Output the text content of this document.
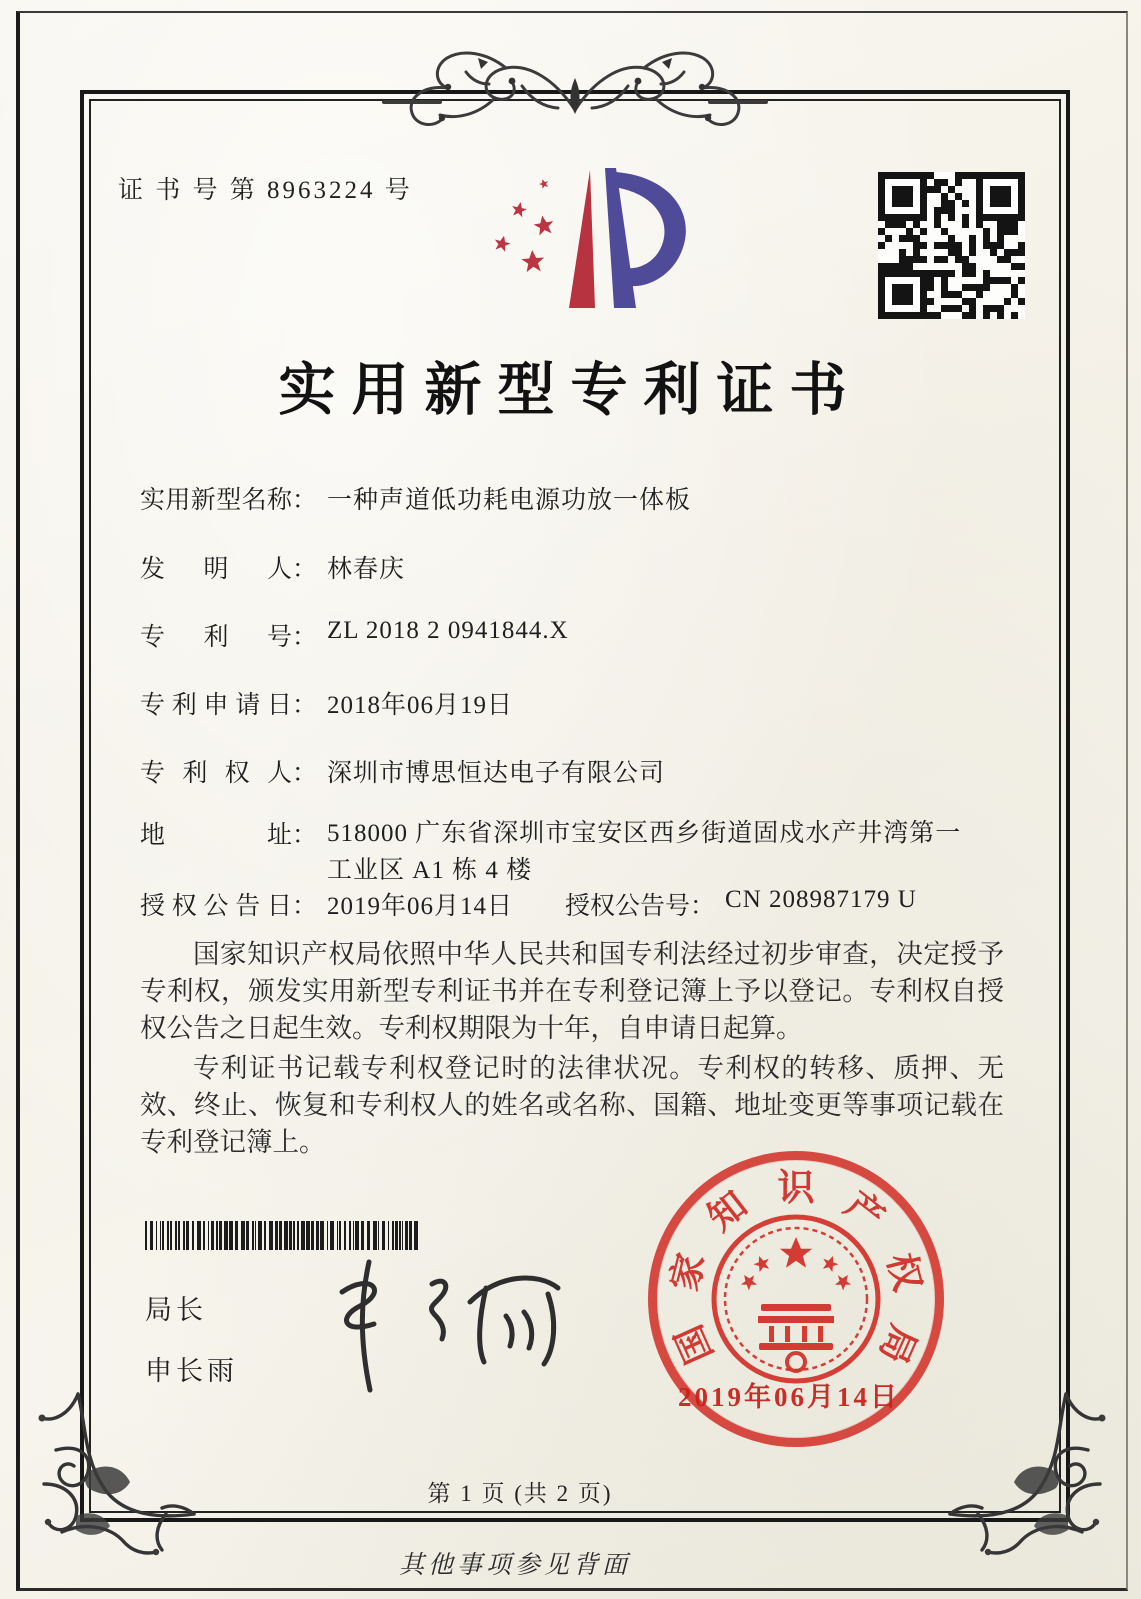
证 书 号 第 8963224 号
实用新型专利证书
实用新型名称 ： 一种声道低功耗电源功放一体板
发明人 ： 林春庆
专利号 ： ZL 2018 2 0941844.X
专利申请日 ： 2018年06月19日
专利权人 ： 深圳市博思恒达电子有限公司
地址 ： 518000 广东省深圳市宝安区西乡街道固戍水产井湾第一
工业区 A1 栋 4 楼
授权公告日 ： 2019年06月14日 授权公告号 ： CN 208987179 U

国家知识产权局依照中华人民共和国专利法经过初步审查，决定授予专利权，颁发实用新型专利证书并在专利登记簿上予以登记。专利权自授权公告之日起生效。专利权期限为十年，自申请日起算。

专利证书记载专利权登记时的法律状况。专利权的转移、质押、无效、终止、恢复和专利权人的姓名或名称、国籍、地址变更等事项记载在专利登记簿上。

局长
申长雨
国
家
知 识 产
权
局
2019年06月14日
第 1 页 (共 2 页)
其他事项参见背面
